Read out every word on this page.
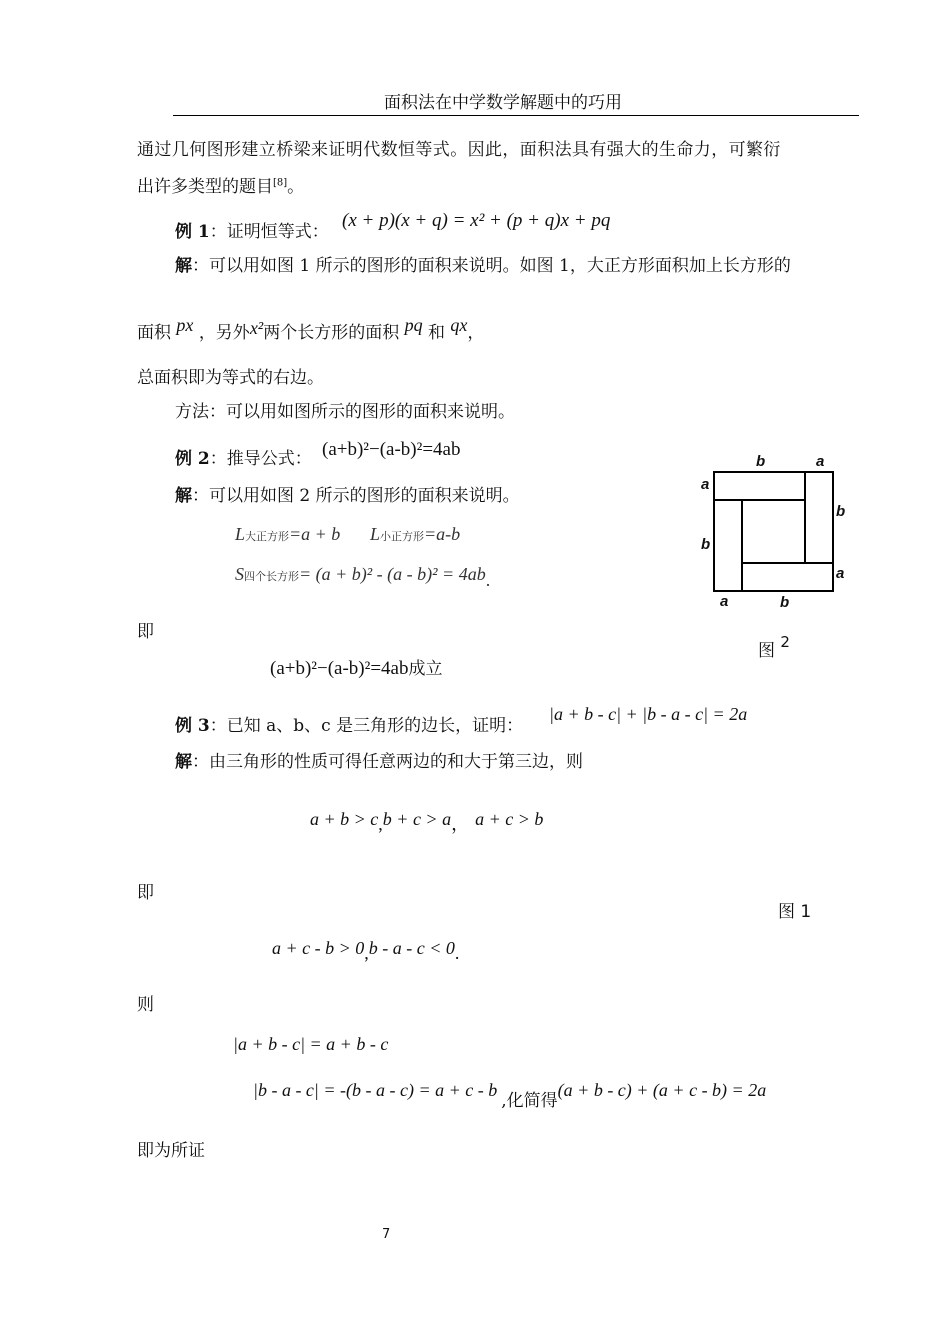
面积法在中学数学解题中的巧用
通过几何图形建立桥梁来证明代数恒等式。因此，面积法具有强大的生命力，可繁衍
出许多类型的题目[8]。
例 1：证明恒等式：
(x + p)(x + q) = x² + (p + q)x + pq
解：可以用如图 1 所示的图形的面积来说明。如图 1，大正方形面积加上长方形的
面积 px ，另外x²两个长方形的面积 pq 和 qx，
总面积即为等式的右边。
方法：可以用如图所示的图形的面积来说明。
例 2：推导公式： (a+b)²−(a-b)²=4ab
解：可以用如图 2 所示的图形的面积来说明。
L大正方形=a + b L小正方形=a-b
S四个长方形= (a + b)² - (a - b)² = 4ab.
即
(a+b)²−(a-b)²=4ab成立
b	a
a
b
b
a
a	b
图 $^2$
例 3：已知 a、b、c 是三角形的边长，证明：
|a + b - c| + |b - a - c| = 2a
解：由三角形的性质可得任意两边的和大于第三边，则
a + b > c,b + c > a， a + c > b
即
图 1
a + c - b > 0,b - a - c < 0.
则
|a + b - c| = a + b - c
|b - a - c| = -(b - a - c) = a + c - b,化简得(a + b - c) + (a + c - b) = 2a
即为所证
7
